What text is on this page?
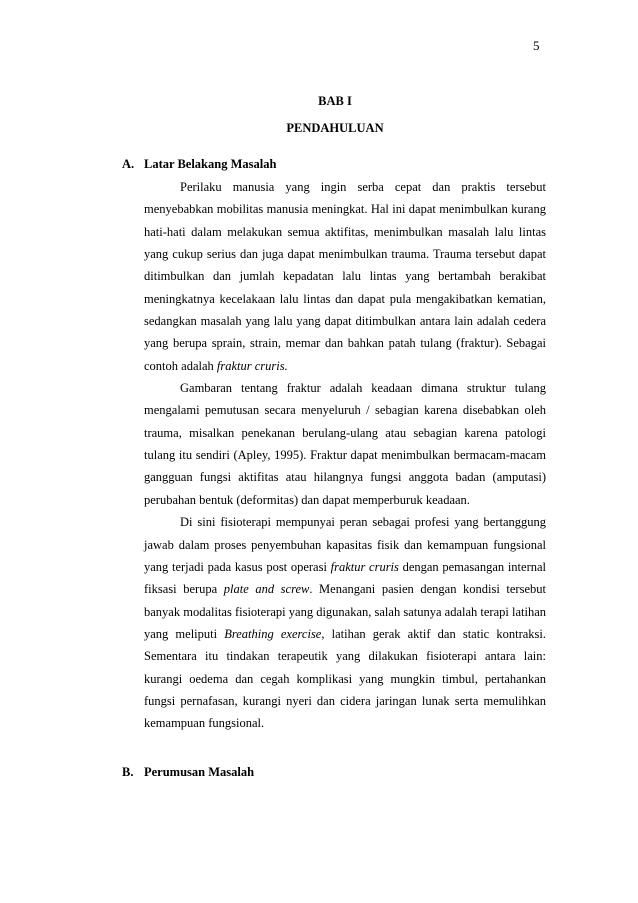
5
BAB I
PENDAHULUAN
A. Latar Belakang Masalah

Perilaku manusia yang ingin serba cepat dan praktis tersebut menyebabkan mobilitas manusia meningkat. Hal ini dapat menimbulkan kurang hati-hati dalam melakukan semua aktifitas, menimbulkan masalah lalu lintas yang cukup serius dan juga dapat menimbulkan trauma. Trauma tersebut dapat ditimbulkan dan jumlah kepadatan lalu lintas yang bertambah berakibat meningkatnya kecelakaan lalu lintas dan dapat pula mengakibatkan kematian, sedangkan masalah yang lalu yang dapat ditimbulkan antara lain adalah cedera yang berupa sprain, strain, memar dan bahkan patah tulang (fraktur). Sebagai contoh adalah fraktur cruris.

Gambaran tentang fraktur adalah keadaan dimana struktur tulang mengalami pemutusan secara menyeluruh / sebagian karena disebabkan oleh trauma, misalkan penekanan berulang-ulang atau sebagian karena patologi tulang itu sendiri (Apley, 1995). Fraktur dapat menimbulkan bermacam-macam gangguan fungsi aktifitas atau hilangnya fungsi anggota badan (amputasi) perubahan bentuk (deformitas) dan dapat memperburuk keadaan.

Di sini fisioterapi mempunyai peran sebagai profesi yang bertanggung jawab dalam proses penyembuhan kapasitas fisik dan kemampuan fungsional yang terjadi pada kasus post operasi fraktur cruris dengan pemasangan internal fiksasi berupa plate and screw. Menangani pasien dengan kondisi tersebut banyak modalitas fisioterapi yang digunakan, salah satunya adalah terapi latihan yang meliputi Breathing exercise, latihan gerak aktif dan static kontraksi. Sementara itu tindakan terapeutik yang dilakukan fisioterapi antara lain: kurangi oedema dan cegah komplikasi yang mungkin timbul, pertahankan fungsi pernafasan, kurangi nyeri dan cidera jaringan lunak serta memulihkan kemampuan fungsional.

B. Perumusan Masalah
